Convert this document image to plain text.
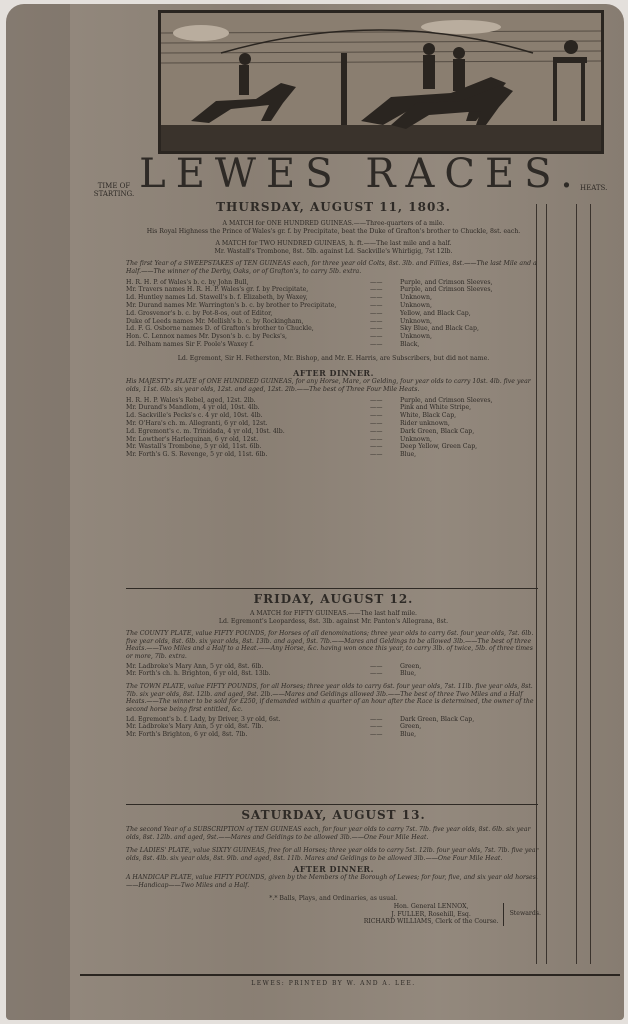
LEWES RACES.
TIME OF STARTING.
HEATS.
THURSDAY, AUGUST 11, 1803.

A MATCH for ONE HUNDRED GUINEAS.——Three-quarters of a mile.

His Royal Highness the Prince of Wales's gr. f. by Precipitate, beat the Duke of Grafton's brother to Chuckle, 8st. each.

A MATCH for TWO HUNDRED GUINEAS, h. ft.——The last mile and a half.

Mr. Wastall's Trombone, 8st. 5lb. against Ld. Sackville's Whirligig, 7st 12lb.

The first Year of a SWEEPSTAKES of TEN GUINEAS each, for three year old Colts, 8st. 3lb. and Fillies, 8st.——The last Mile and a Half.——The winner of the Derby, Oaks, or of Grafton's, to carry 5lb. extra.

H. R. H. P. of Wales's b. c. by John Bull,	——	Purple, and Crimson Sleeves,
Mr. Travers names H. R. H. P. Wales's gr. f. by Precipitate,	——	Purple, and Crimson Sleeves,
Ld. Huntley names Ld. Stawell's b. f. Elizabeth, by Waxey,	——	Unknown,
Mr. Durand names Mr. Warrington's b. c. by brother to Precipitate,	——	Unknown,
Ld. Grosvenor's b. c. by Pot-8-os, out of Editor,	——	Yellow, and Black Cap,
Duke of Leeds names Mr. Mellish's b. c. by Rockingham,	——	Unknown,
Ld. F. G. Osborne names D. of Grafton's brother to Chuckle,	——	Sky Blue, and Black Cap,
Hon. C. Lennox names Mr. Dyson's b. c. by Pecks's,	——	Unknown,
Ld. Pelham names Sir F. Poole's Waxey f.	——	Black,

Ld. Egremont, Sir H. Fetherston, Mr. Bishop, and Mr. E. Harris, are Subscribers, but did not name.

AFTER DINNER.

His MAJESTY's PLATE of ONE HUNDRED GUINEAS, for any Horse, Mare, or Gelding, four year olds to carry 10st. 4lb. five year olds, 11st. 6lb. six year olds, 12st. and aged, 12st. 2lb.——The best of Three Four Mile Heats.

H. R. H. P. Wales's Rebel, aged, 12st. 2lb.	——	Purple, and Crimson Sleeves,
Mr. Durand's Mandlom, 4 yr old, 10st. 4lb.	——	Pink and White Stripe,
Ld. Sackville's Pecks's c. 4 yr old, 10st. 4lb.	——	White, Black Cap,
Mr. O'Hara's ch. m. Allegranti, 6 yr old, 12st.	——	Rider unknown,
Ld. Egremont's c. m. Trinidada, 4 yr old, 10st. 4lb.	——	Dark Green, Black Cap,
Mr. Lowther's Harlequinan, 6 yr old, 12st.	——	Unknown,
Mr. Wastall's Trombone, 5 yr old, 11st. 6lb.	——	Deep Yellow, Green Cap,
Mr. Forth's G. S. Revenge, 5 yr old, 11st. 6lb.	——	Blue,
FRIDAY, AUGUST 12.

A MATCH for FIFTY GUINEAS.——The last half mile.

Ld. Egremont's Leopardess, 8st. 3lb. against Mr. Panton's Allegrana, 8st.

The COUNTY PLATE, value FIFTY POUNDS, for Horses of all denominations; three year olds to carry 6st. four year olds, 7st. 6lb. five year olds, 8st. 6lb. six year olds, 8st. 13lb. and aged, 9st. 7lb.——Mares and Geldings to be allowed 3lb.——The best of three Heats.——Two Miles and a Half to a Heat.——Any Horse, &c. having won once this year, to carry 3lb. of twice, 5lb. of three times or more, 7lb. extra.

Mr. Ladbroke's Mary Ann, 5 yr old, 8st. 6lb.	——	Green,
Mr. Forth's ch. h. Brighton, 6 yr old, 8st. 13lb.	——	Blue,

The TOWN PLATE, value FIFTY POUNDS, for all Horses; three year olds to carry 6st. four year olds, 7st. 11lb. five year olds, 8st. 7lb. six year olds, 8st. 12lb. and aged, 9st. 2lb.——Mares and Geldings allowed 3lb.——The best of three Two Miles and a Half Heats.——The winner to be sold for £250, if demanded within a quarter of an hour after the Race is determined, the owner of the second horse being first entitled, &c.

Ld. Egremont's b. f. Lady, by Driver, 3 yr old, 6st.	——	Dark Green, Black Cap,
Mr. Ladbroke's Mary Ann, 5 yr old, 8st. 7lb.	——	Green,
Mr. Forth's Brighton, 6 yr old, 8st. 7lb.	——	Blue,
SATURDAY, AUGUST 13.

The second Year of a SUBSCRIPTION of TEN GUINEAS each, for four year olds to carry 7st. 7lb. five year olds, 8st. 6lb. six year olds, 8st. 12lb. and aged, 9st.——Mares and Geldings to be allowed 3lb.——One Four Mile Heat.

The LADIES' PLATE, value SIXTY GUINEAS, free for all Horses; three year olds to carry 5st. 12lb. four year olds, 7st. 7lb. five year olds, 8st. 4lb. six year olds, 8st. 9lb. and aged, 8st. 11lb. Mares and Geldings to be allowed 3lb.——One Four Mile Heat.

AFTER DINNER.

A HANDICAP PLATE, value FIFTY POUNDS, given by the Members of the Borough of Lewes; for four, five, and six year old horses.——Handicap——Two Miles and a Half.

*.* Balls, Plays, and Ordinaries, as usual.

Hon. General LENNOX,

J. FULLER, Rosehill, Esq.

RICHARD WILLIAMS, Clerk of the Course.

Stewards.
LEWES: PRINTED BY W. AND A. LEE.
